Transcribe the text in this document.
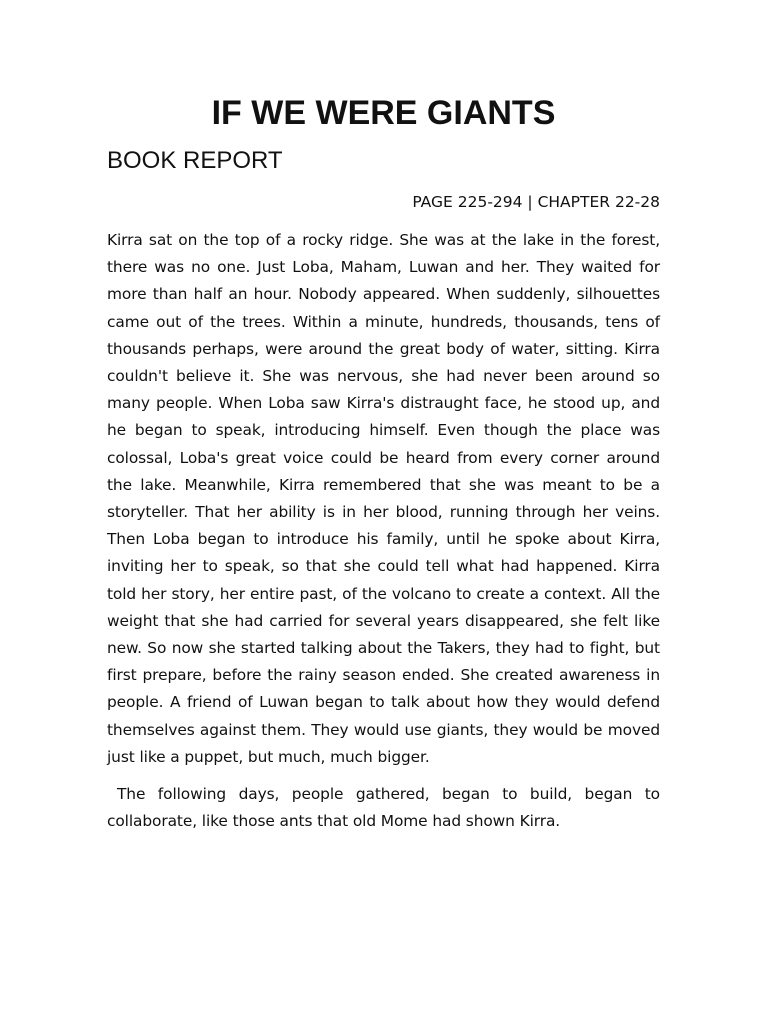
IF WE WERE GIANTS
BOOK REPORT
PAGE 225-294 | CHAPTER 22-28

Kirra sat on the top of a rocky ridge. She was at the lake in the forest, there was no one. Just Loba, Maham, Luwan and her. They waited for more than half an hour. Nobody appeared. When suddenly, silhouettes came out of the trees. Within a minute, hundreds, thousands, tens of thousands perhaps, were around the great body of water, sitting. Kirra couldn't believe it. She was nervous, she had never been around so many people. When Loba saw Kirra's distraught face, he stood up, and he began to speak, introducing himself. Even though the place was colossal, Loba's great voice could be heard from every corner around the lake. Meanwhile, Kirra remembered that she was meant to be a storyteller. That her ability is in her blood, running through her veins. Then Loba began to introduce his family, until he spoke about Kirra, inviting her to speak, so that she could tell what had happened. Kirra told her story, her entire past, of the volcano to create a context. All the weight that she had carried for several years disappeared, she felt like new. So now she started talking about the Takers, they had to fight, but first prepare, before the rainy season ended. She created awareness in people. A friend of Luwan began to talk about how they would defend themselves against them. They would use giants, they would be moved just like a puppet, but much, much bigger.

The following days, people gathered, began to build, began to collaborate, like those ants that old Mome had shown Kirra.
